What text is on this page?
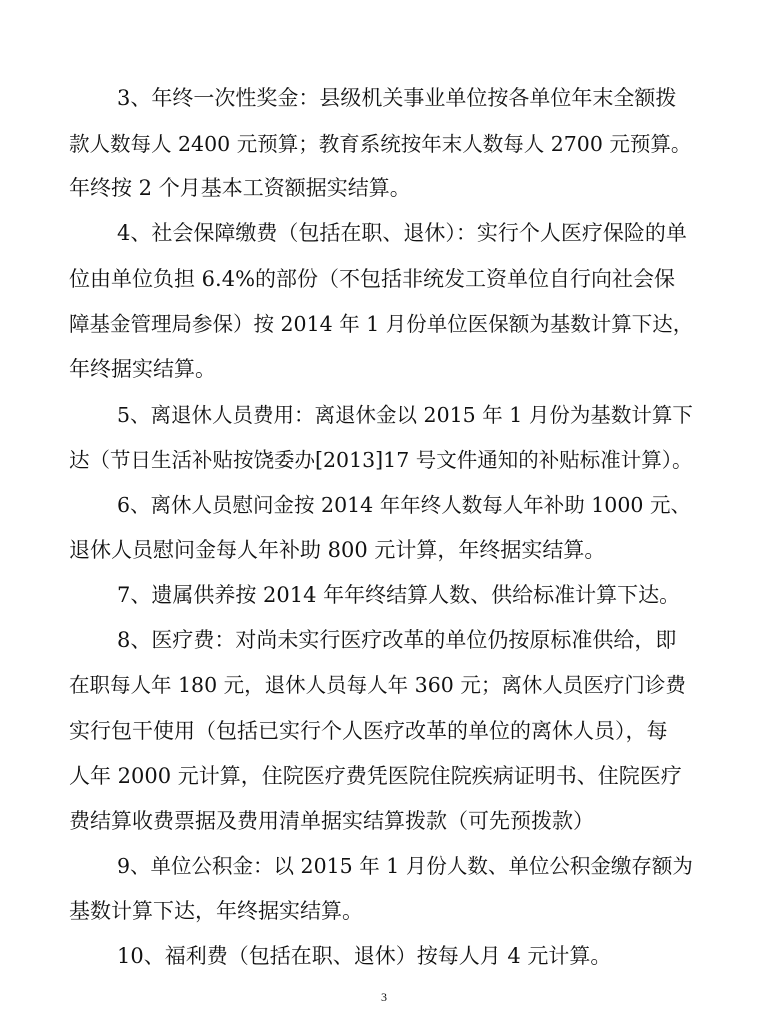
3、年终一次性奖金：县级机关事业单位按各单位年末全额拨
款人数每人 2400 元预算；教育系统按年末人数每人 2700 元预算。
年终按 2 个月基本工资额据实结算。
4、社会保障缴费（包括在职、退休）：实行个人医疗保险的单
位由单位负担 6.4%的部份（不包括非统发工资单位自行向社会保
障基金管理局参保）按 2014 年 1 月份单位医保额为基数计算下达，
年终据实结算。
5、离退休人员费用：离退休金以 2015 年 1 月份为基数计算下
达（节日生活补贴按饶委办[2013]17 号文件通知的补贴标准计算）。
6、离休人员慰问金按 2014 年年终人数每人年补助 1000 元、
退休人员慰问金每人年补助 800 元计算，年终据实结算。
7、遗属供养按 2014 年年终结算人数、供给标准计算下达。
8、医疗费：对尚未实行医疗改革的单位仍按原标准供给，即
在职每人年 180 元，退休人员每人年 360 元；离休人员医疗门诊费
实行包干使用（包括已实行个人医疗改革的单位的离休人员），每
人年 2000 元计算，住院医疗费凭医院住院疾病证明书、住院医疗
费结算收费票据及费用清单据实结算拨款（可先预拨款）
9、单位公积金：以 2015 年 1 月份人数、单位公积金缴存额为
基数计算下达，年终据实结算。
10、福利费（包括在职、退休）按每人月 4 元计算。
3
